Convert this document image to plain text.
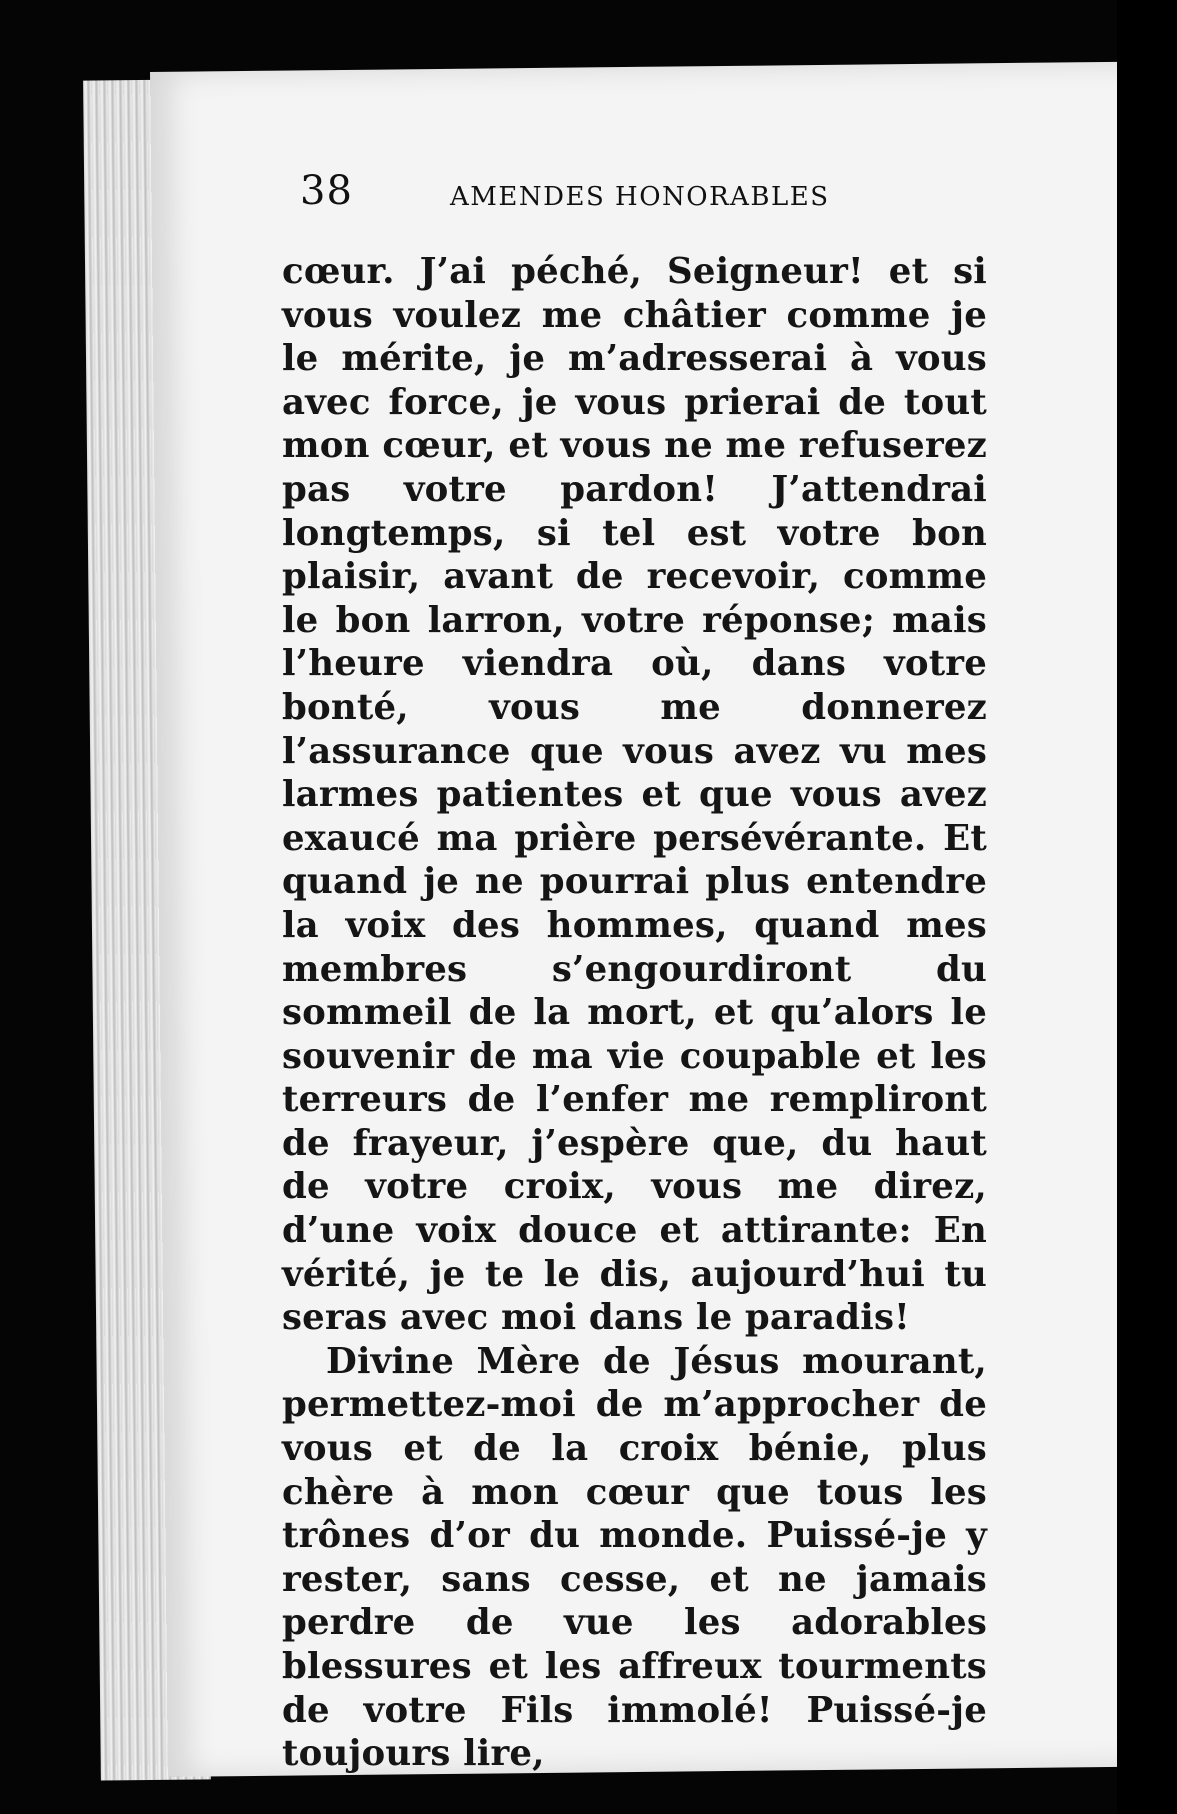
38	AMENDES HONORABLES

cœur. J’ai péché, Seigneur! et si vous voulez me châtier comme je le mérite, je m’adresserai à vous avec force, je vous prierai de tout mon cœur, et vous ne me refuserez pas votre pardon! J’attendrai longtemps, si tel est votre bon plaisir, avant de recevoir, comme le bon larron, votre réponse; mais l’heure viendra où, dans votre bonté, vous me donnerez l’assurance que vous avez vu mes larmes patientes et que vous avez exaucé ma prière persévérante. Et quand je ne pourrai plus entendre la voix des hommes, quand mes membres s’engourdiront du sommeil de la mort, et qu’alors le souvenir de ma vie coupable et les terreurs de l’enfer me rempliront de frayeur, j’espère que, du haut de votre croix, vous me direz, d’une voix douce et attirante: En vérité, je te le dis, aujourd’hui tu seras avec moi dans le paradis!

Divine Mère de Jésus mourant, permettez-moi de m’approcher de vous et de la croix bénie, plus chère à mon cœur que tous les trônes d’or du monde. Puissé-je y rester, sans cesse, et ne jamais perdre de vue les adorables blessures et les affreux tourments de votre Fils immolé! Puissé-je toujours lire,
